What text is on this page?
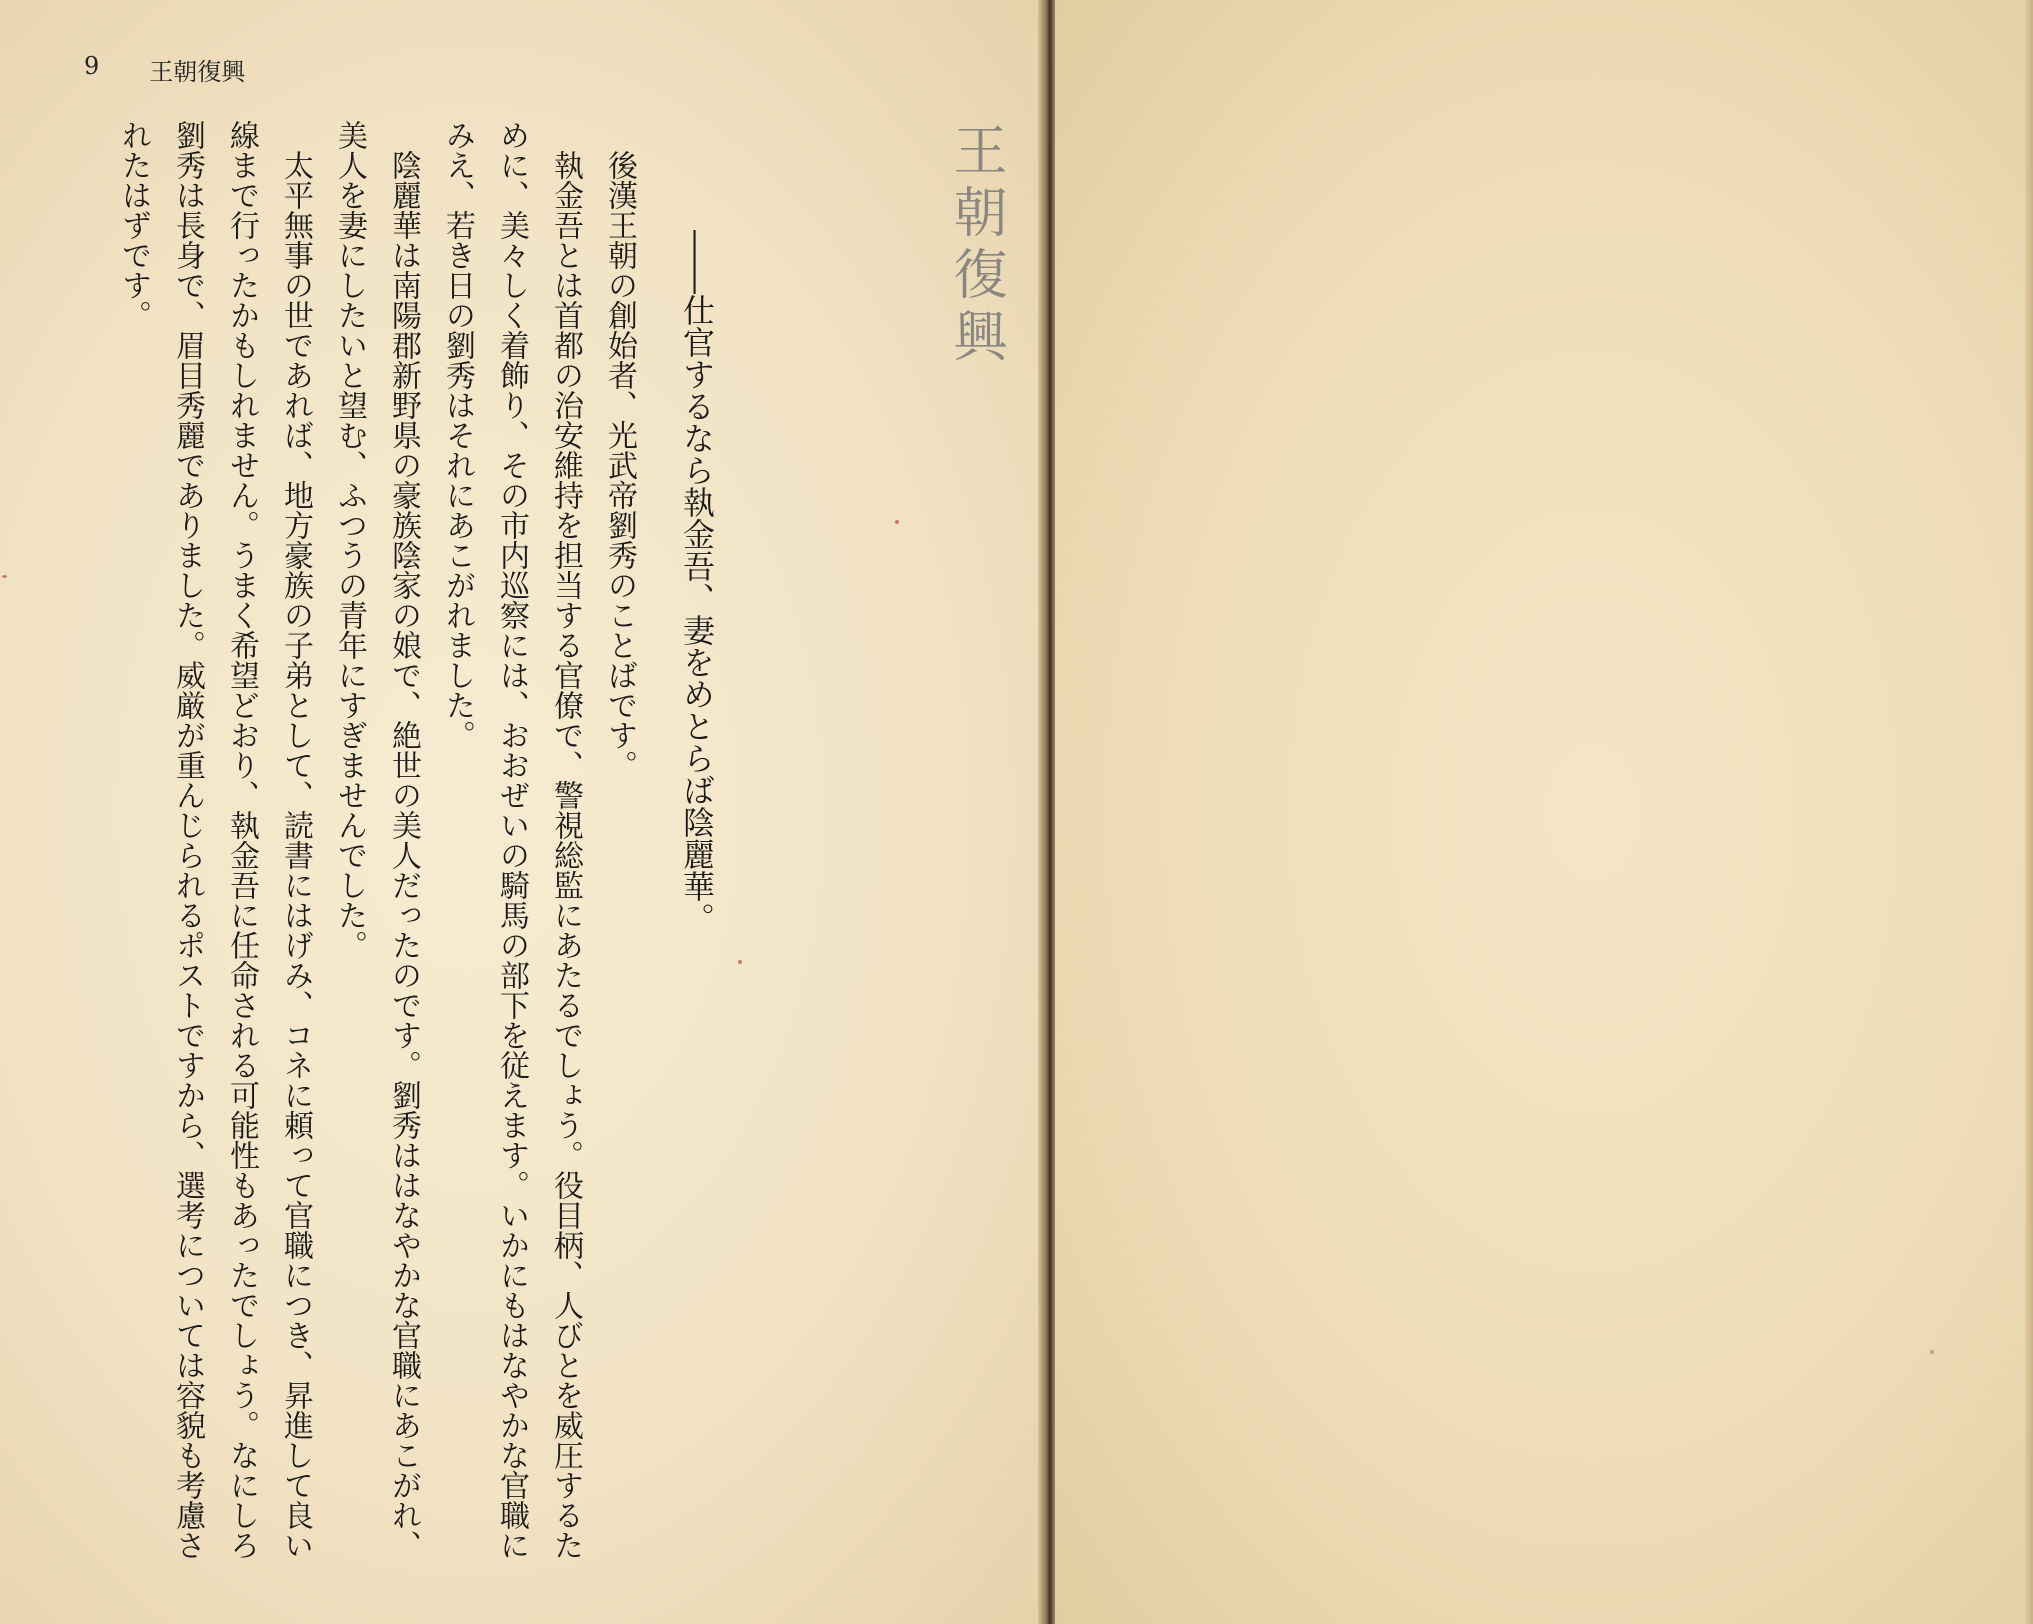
9 王朝復興

――仕官するなら執金吾、妻をめとらば陰麗華。

後漢王朝の創始者、光武帝劉秀のことばです。

執金吾とは首都の治安維持を担当する官僚で、警視総監にあたるでしょう。役目柄、人びとを威圧するために、美々しく着飾り、その市内巡察には、おおぜいの騎馬の部下を従えます。いかにもはなやかな官職にみえ、若き日の劉秀はそれにあこがれました。

陰麗華は南陽郡新野県の豪族陰家の娘で、絶世の美人だったのです。劉秀ははなやかな官職にあこがれ、美人を妻にしたいと望む、ふつうの青年にすぎませんでした。

太平無事の世であれば、地方豪族の子弟として、読書にはげみ、コネに頼って官職につき、昇進して良い線まで行ったかもしれません。うまく希望どおり、執金吾に任命される可能性もあったでしょう。なにしろ劉秀は長身で、眉目秀麗でありました。威厳が重んじられるポストですから、選考については容貌も考慮されたはずです。	王朝復興
